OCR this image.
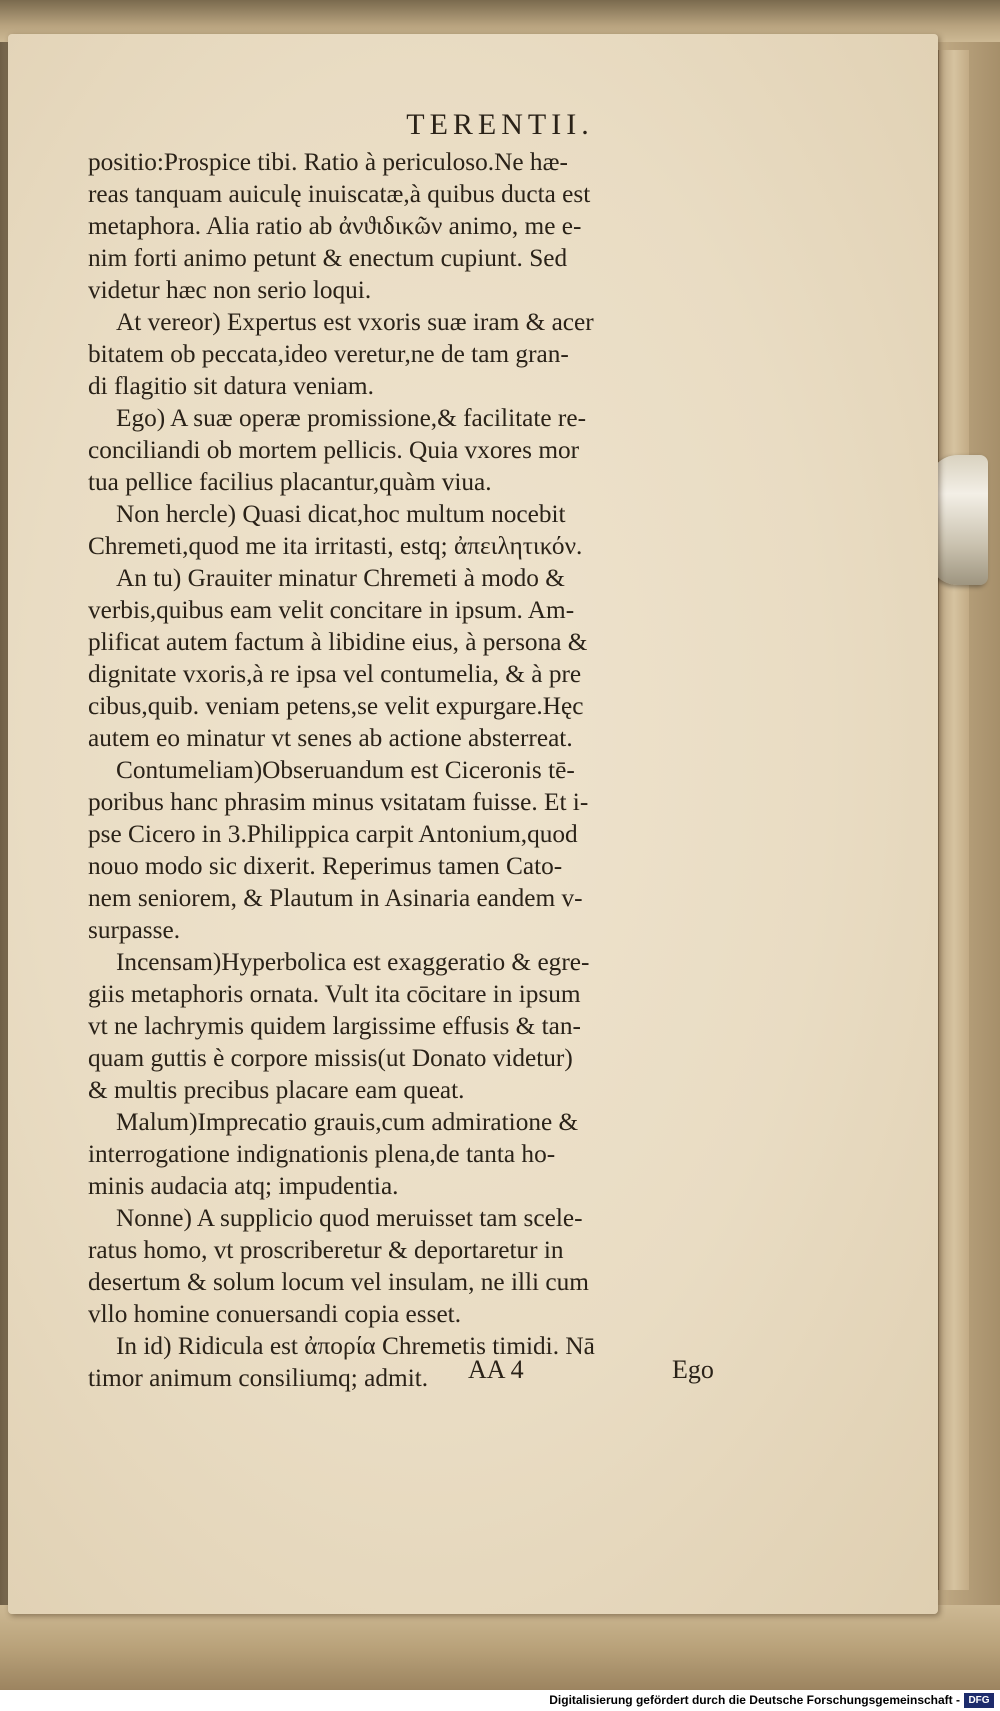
TERENTII.
positio:Prospice tibi. Ratio à periculoso.Ne hæ-
reas tanquam auiculę inuiscatæ,à quibus ducta est
metaphora. Alia ratio ab ἀνϑιδικῶν animo, me e-
nim forti animo petunt & enectum cupiunt. Sed
videtur hæc non serio loqui.
At vereor) Expertus est vxoris suæ iram & acer
bitatem ob peccata,ideo veretur,ne de tam gran-
di flagitio sit datura veniam.
Ego) A suæ operæ promissione,& facilitate re-
conciliandi ob mortem pellicis. Quia vxores mor
tua pellice facilius placantur,quàm viua.
Non hercle) Quasi dicat,hoc multum nocebit
Chremeti,quod me ita irritasti, estq; ἀπειλητικόν.
An tu) Grauiter minatur Chremeti à modo &
verbis,quibus eam velit concitare in ipsum. Am-
plificat autem factum à libidine eius, à persona &
dignitate vxoris,à re ipsa vel contumelia, & à pre
cibus,quib. veniam petens,se velit expurgare.Hęc
autem eo minatur vt senes ab actione absterreat.
Contumeliam)Obseruandum est Ciceronis tē-
poribus hanc phrasim minus vsitatam fuisse. Et i-
pse Cicero in 3.Philippica carpit Antonium,quod
nouo modo sic dixerit. Reperimus tamen Cato-
nem seniorem, & Plautum in Asinaria eandem v-
surpasse.
Incensam)Hyperbolica est exaggeratio & egre-
giis metaphoris ornata. Vult ita cōcitare in ipsum
vt ne lachrymis quidem largissime effusis & tan-
quam guttis è corpore missis(ut Donato videtur)
& multis precibus placare eam queat.
Malum)Imprecatio grauis,cum admiratione &
interrogatione indignationis plena,de tanta ho-
minis audacia atq; impudentia.
Nonne) A supplicio quod meruisset tam scele-
ratus homo, vt proscriberetur & deportaretur in
desertum & solum locum vel insulam, ne illi cum
vllo homine conuersandi copia esset.
In id) Ridicula est ἀπορία Chremetis timidi. Nā
timor animum consiliumq; admit.	AA 4	Ego
Digitalisierung gefördert durch die Deutsche Forschungsgemeinschaft - DFG
